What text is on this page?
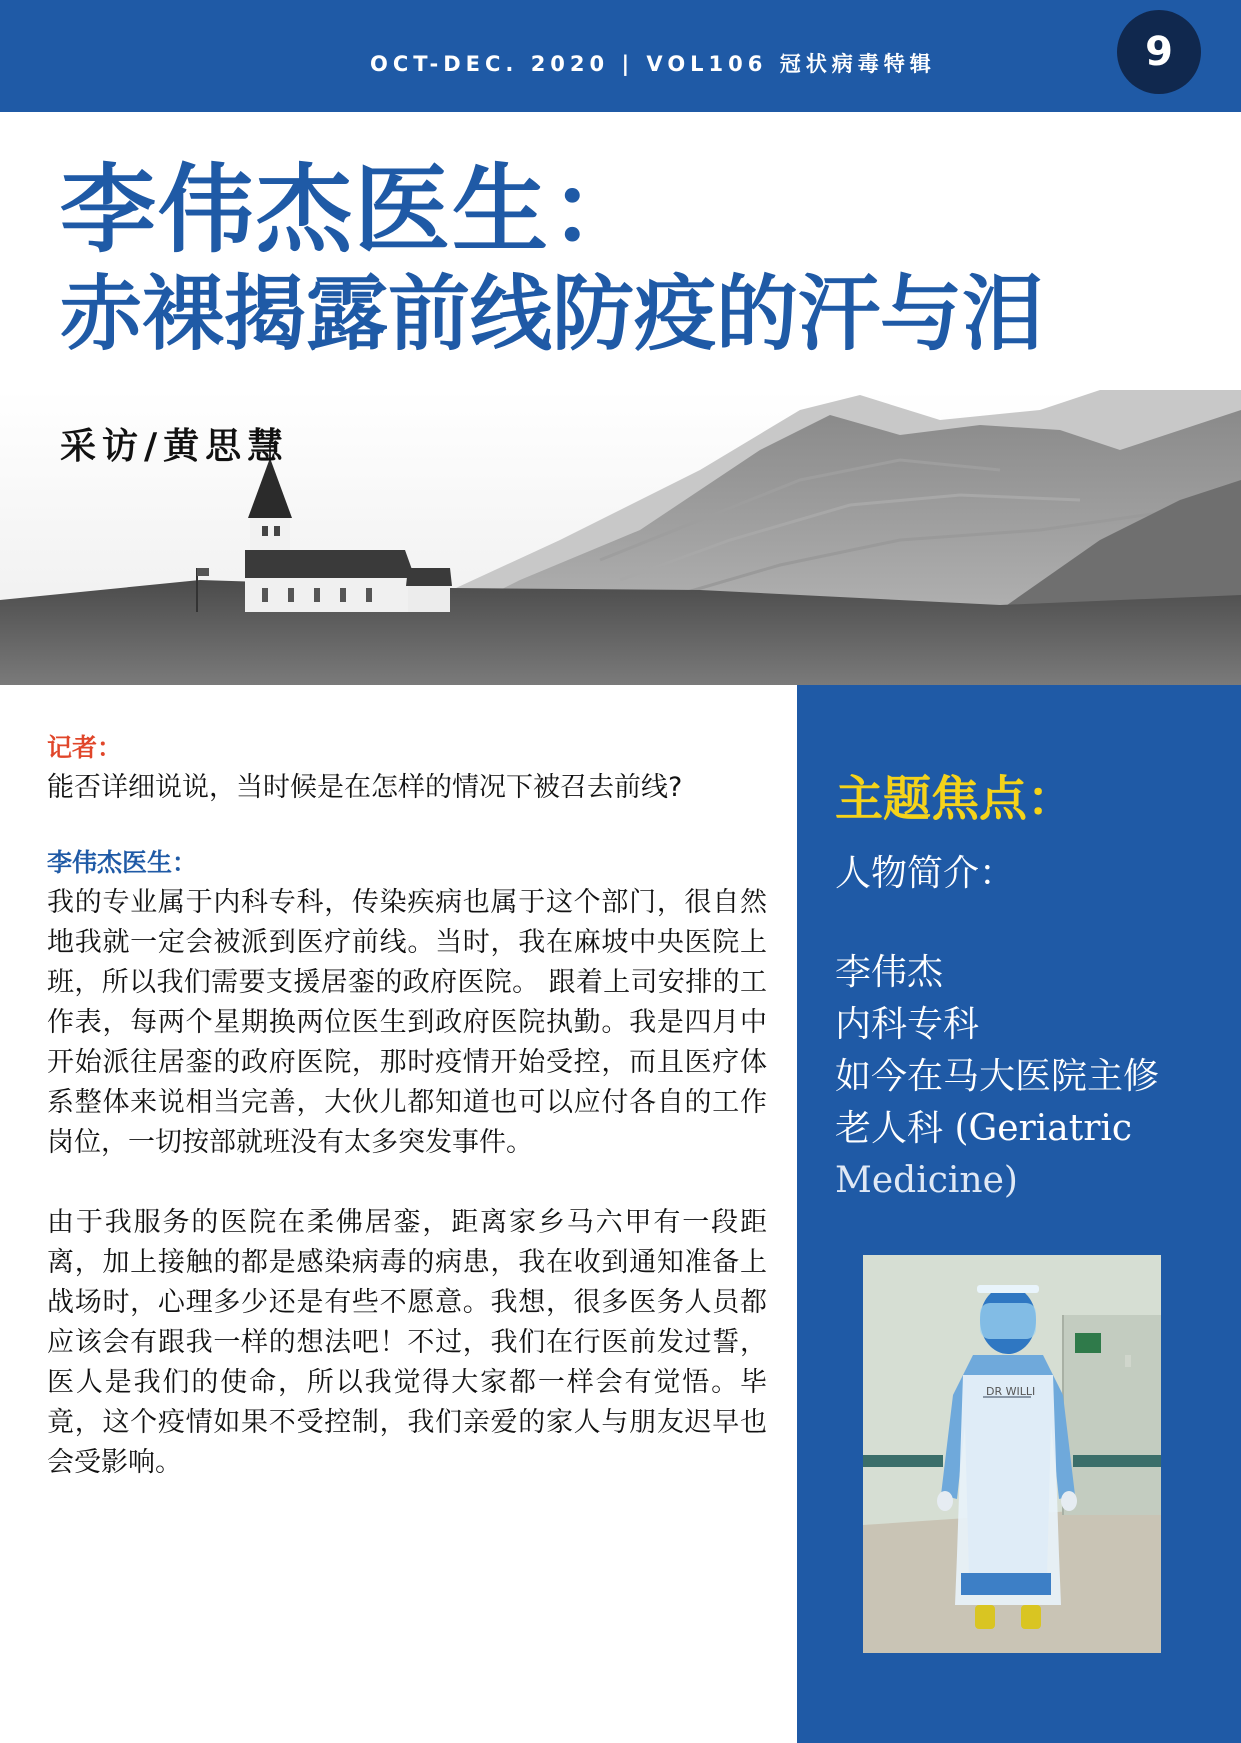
OCT-DEC. 2020 | VOL106 冠状病毒特辑	9
李伟杰医生：
赤裸揭露前线防疫的汗与泪
采访/黄思慧
记者：

能否详细说说，当时候是在怎样的情况下被召去前线?

李伟杰医生：

我的专业属于内科专科，传染疾病也属于这个部门，很自然地我就一定会被派到医疗前线。当时，我在麻坡中央医院上班，所以我们需要支援居銮的政府医院。 跟着上司安排的工作表，每两个星期换两位医生到政府医院执勤。我是四月中开始派往居銮的政府医院，那时疫情开始受控，而且医疗体系整体来说相当完善，大伙儿都知道也可以应付各自的工作岗位，一切按部就班没有太多突发事件。

由于我服务的医院在柔佛居銮，距离家乡马六甲有一段距离，加上接触的都是感染病毒的病患，我在收到通知准备上战场时，心理多少还是有些不愿意。我想，很多医务人员都应该会有跟我一样的想法吧！不过，我们在行医前发过誓，医人是我们的使命，所以我觉得大家都一样会有觉悟。毕竟，这个疫情如果不受控制，我们亲爱的家人与朋友迟早也会受影响。

主题焦点：
人物简介：
李伟杰
内科专科
如今在马大医院主修
老人科 (Geriatric
Medicine)
DR WILLI
